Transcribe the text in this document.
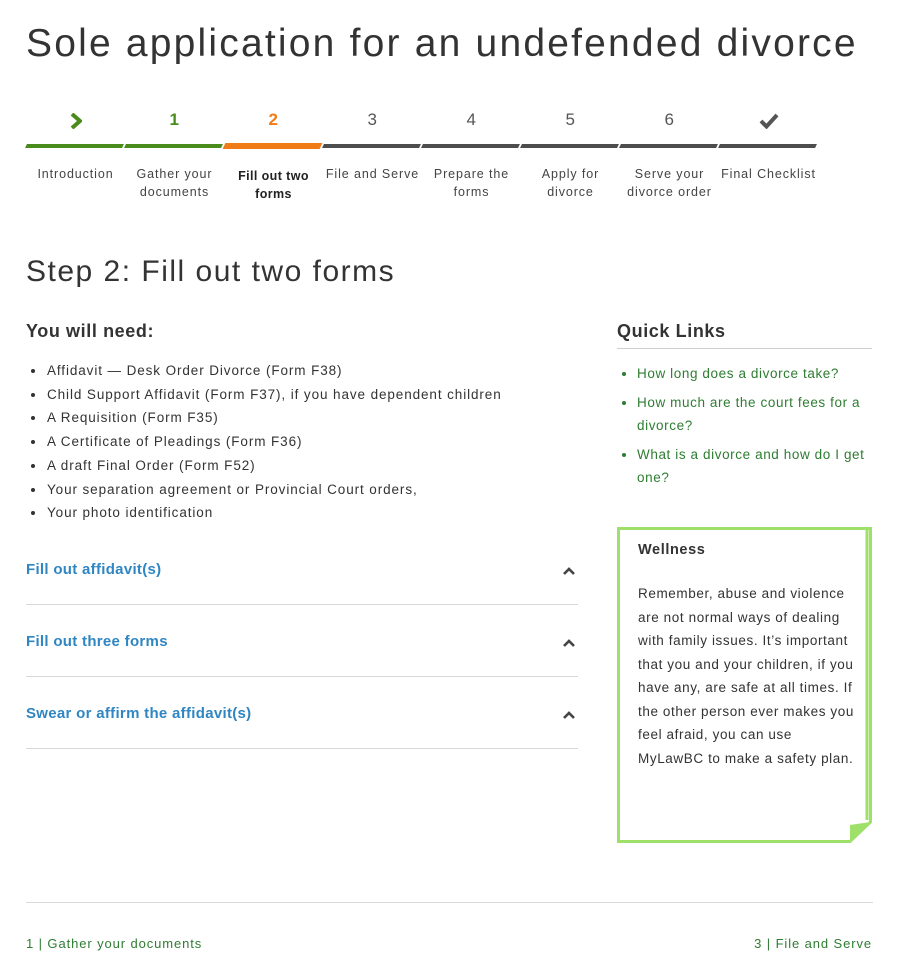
Sole application for an undefended divorce
Introduction
1
Gather your documents
2
Fill out two forms
3
File and Serve
4
Prepare the forms
5
Apply for divorce
6
Serve your divorce order
Final Checklist
Step 2: Fill out two forms
You will need:
Affidavit — Desk Order Divorce (Form F38)
Child Support Affidavit (Form F37), if you have dependent children
A Requisition (Form F35)
A Certificate of Pleadings (Form F36)
A draft Final Order (Form F52)
Your separation agreement or Provincial Court orders,
Your photo identification
Fill out affidavit(s)
Fill out three forms
Swear or affirm the affidavit(s)
Quick Links
How long does a divorce take?
How much are the court fees for a divorce?
What is a divorce and how do I get one?
Wellness
Remember, abuse and violence are not normal ways of dealing with family issues. It’s important that you and your children, if you have any, are safe at all times. If the other person ever makes you feel afraid, you can use MyLawBC to make a safety plan.
1 | Gather your documents	3 | File and Serve
